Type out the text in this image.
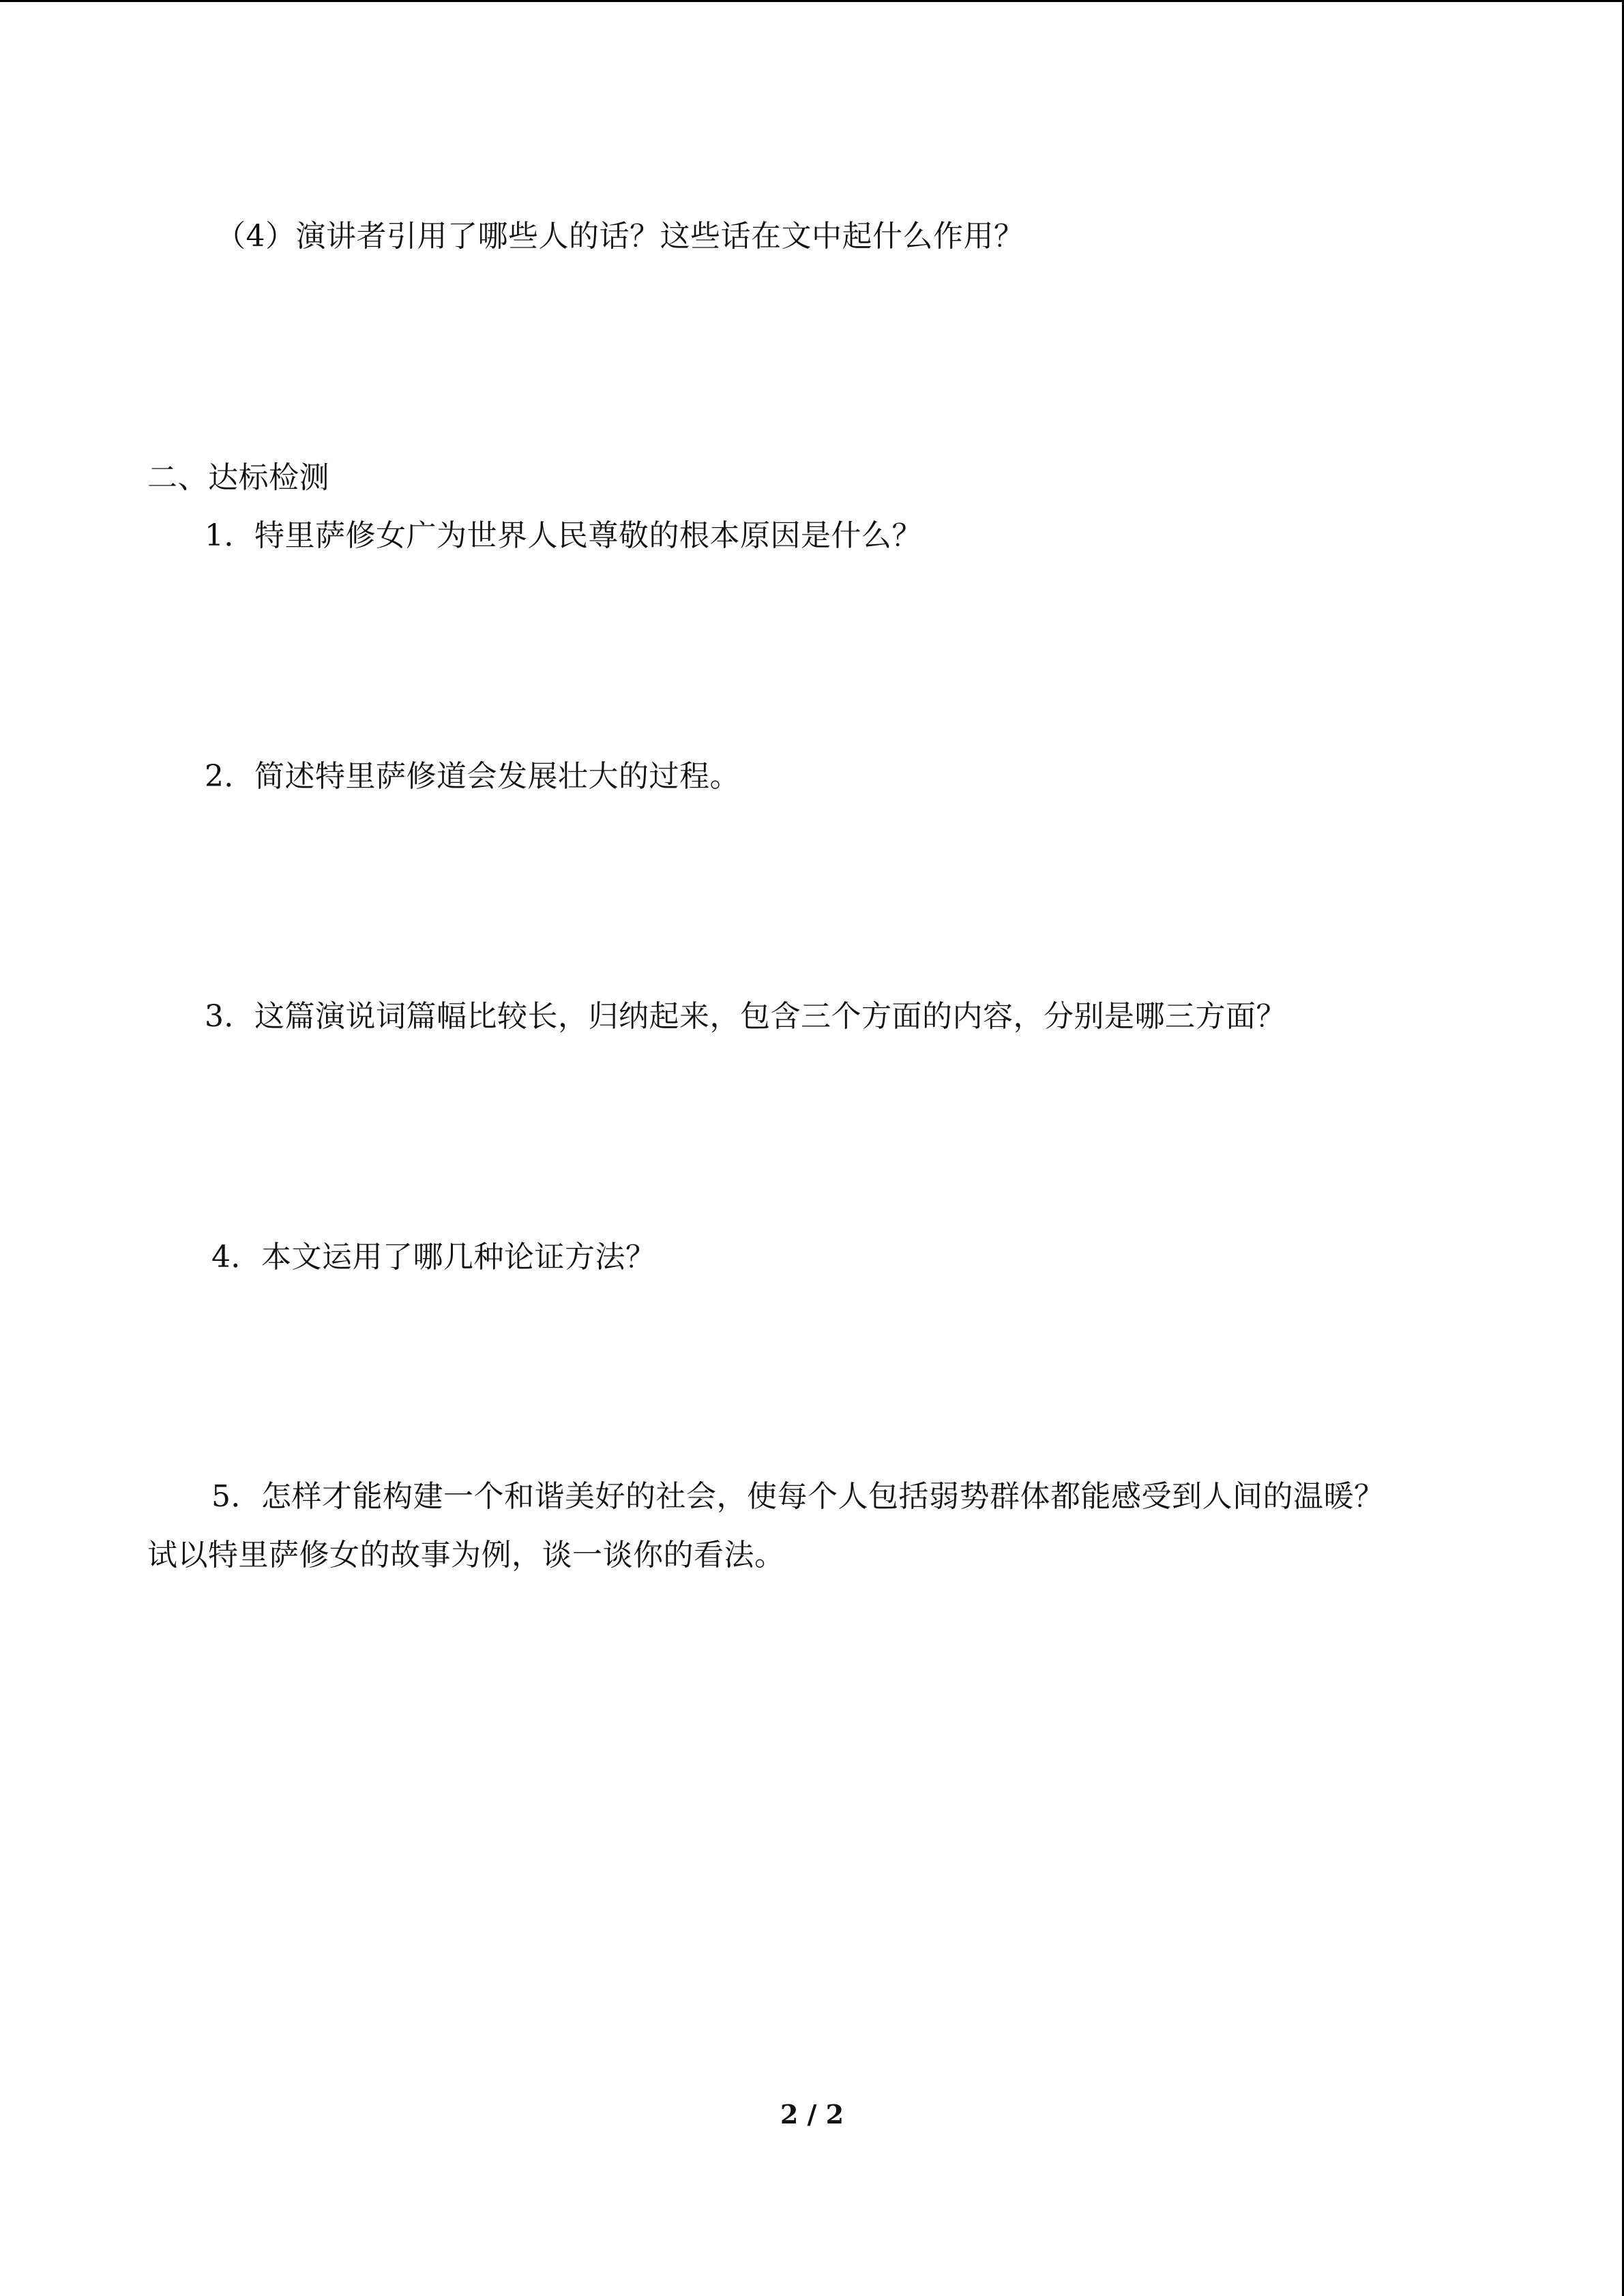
（4）演讲者引用了哪些人的话？这些话在文中起什么作用？
二、达标检测
1．特里萨修女广为世界人民尊敬的根本原因是什么？
2．简述特里萨修道会发展壮大的过程。
3．这篇演说词篇幅比较长，归纳起来，包含三个方面的内容，分别是哪三方面？
4．本文运用了哪几种论证方法？
5．怎样才能构建一个和谐美好的社会，使每个人包括弱势群体都能感受到人间的温暖？
试以特里萨修女的故事为例，谈一谈你的看法。
2 / 2
